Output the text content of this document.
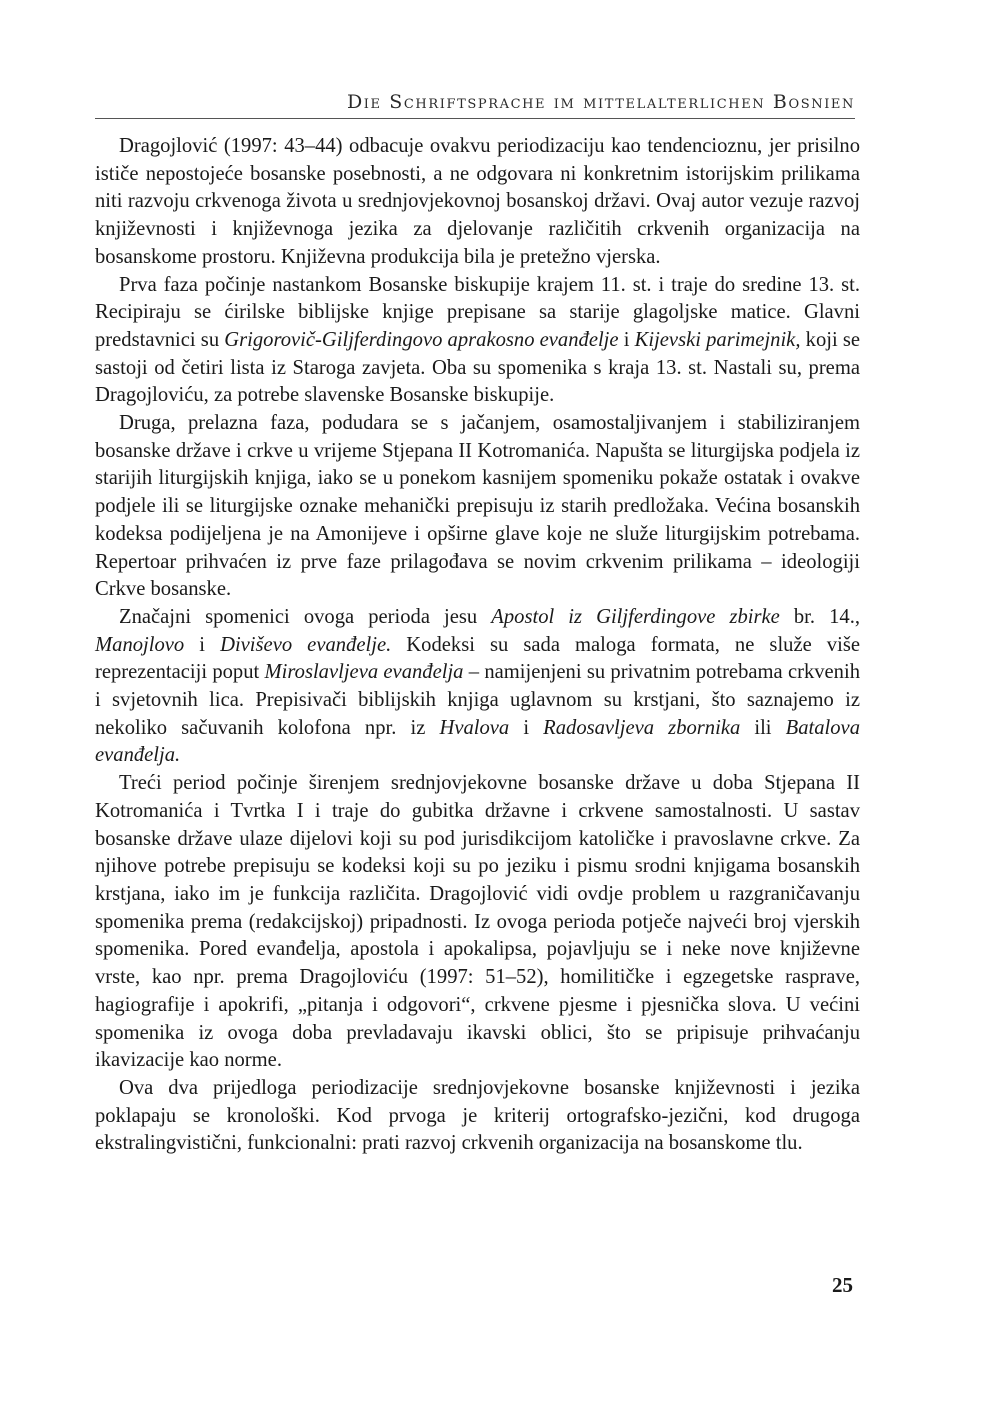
Die Schriftsprache im mittelalterlichen Bosnien

Dragojlović (1997: 43–44) odbacuje ovakvu periodizaciju kao tendencioznu, jer prisilno ističe nepostojeće bosanske posebnosti, a ne odgovara ni konkretnim istorijskim prilikama niti razvoju crkvenoga života u srednjovjekovnoj bosanskoj državi. Ovaj autor vezuje razvoj književnosti i književnoga jezika za djelovanje različitih crkvenih organizacija na bosanskome prostoru. Književna produkcija bila je pretežno vjerska.

Prva faza počinje nastankom Bosanske biskupije krajem 11. st. i traje do sredine 13. st. Recipiraju se ćirilske biblijske knjige prepisane sa starije glagoljske matice. Glavni predstavnici su Grigorovič-Giljferdingovo aprakosno evanđelje i Kijevski parimejnik, koji se sastoji od četiri lista iz Staroga zavjeta. Oba su spomenika s kraja 13. st. Nastali su, prema Dragojloviću, za potrebe slavenske Bosanske biskupije.

Druga, prelazna faza, podudara se s jačanjem, osamostaljivanjem i stabiliziranjem bosanske države i crkve u vrijeme Stjepana II Kotromanića. Napušta se liturgijska podjela iz starijih liturgijskih knjiga, iako se u ponekom kasnijem spomeniku pokaže ostatak i ovakve podjele ili se liturgijske oznake mehanički prepisuju iz starih predložaka. Većina bosanskih kodeksa podijeljena je na Amonijeve i opširne glave koje ne služe liturgijskim potrebama. Repertoar prihvaćen iz prve faze prilagođava se novim crkvenim prilikama – ideologiji Crkve bosanske.

Značajni spomenici ovoga perioda jesu Apostol iz Giljferdingove zbirke br. 14., Manojlovo i Diviševo evanđelje. Kodeksi su sada maloga formata, ne služe više reprezentaciji poput Miroslavljeva evanđelja – namijenjeni su privatnim potrebama crkvenih i svjetovnih lica. Prepisivači biblijskih knjiga uglavnom su krstjani, što saznajemo iz nekoliko sačuvanih kolofona npr. iz Hvalova i Radosavljeva zbornika ili Batalova evanđelja.

Treći period počinje širenjem srednjovjekovne bosanske države u doba Stjepana II Kotromanića i Tvrtka I i traje do gubitka državne i crkvene samostalnosti. U sastav bosanske države ulaze dijelovi koji su pod jurisdikcijom katoličke i pravoslavne crkve. Za njihove potrebe prepisuju se kodeksi koji su po jeziku i pismu srodni knjigama bosanskih krstjana, iako im je funkcija različita. Dragojlović vidi ovdje problem u razgraničavanju spomenika prema (redakcijskoj) pripadnosti. Iz ovoga perioda potječe najveći broj vjerskih spomenika. Pored evanđelja, apostola i apokalipsa, pojavljuju se i neke nove književne vrste, kao npr. prema Dragojloviću (1997: 51–52), homilitičke i egzegetske rasprave, hagiografije i apokrifi, „pitanja i odgovori“, crkvene pjesme i pjesnička slova. U većini spomenika iz ovoga doba prevladavaju ikavski oblici, što se pripisuje prihvaćanju ikavizacije kao norme.

Ova dva prijedloga periodizacije srednjovjekovne bosanske književnosti i jezika poklapaju se kronološki. Kod prvoga je kriterij ortografsko-jezični, kod drugoga ekstralingvistični, funkcionalni: prati razvoj crkvenih organizacija na bosanskome tlu.

25
